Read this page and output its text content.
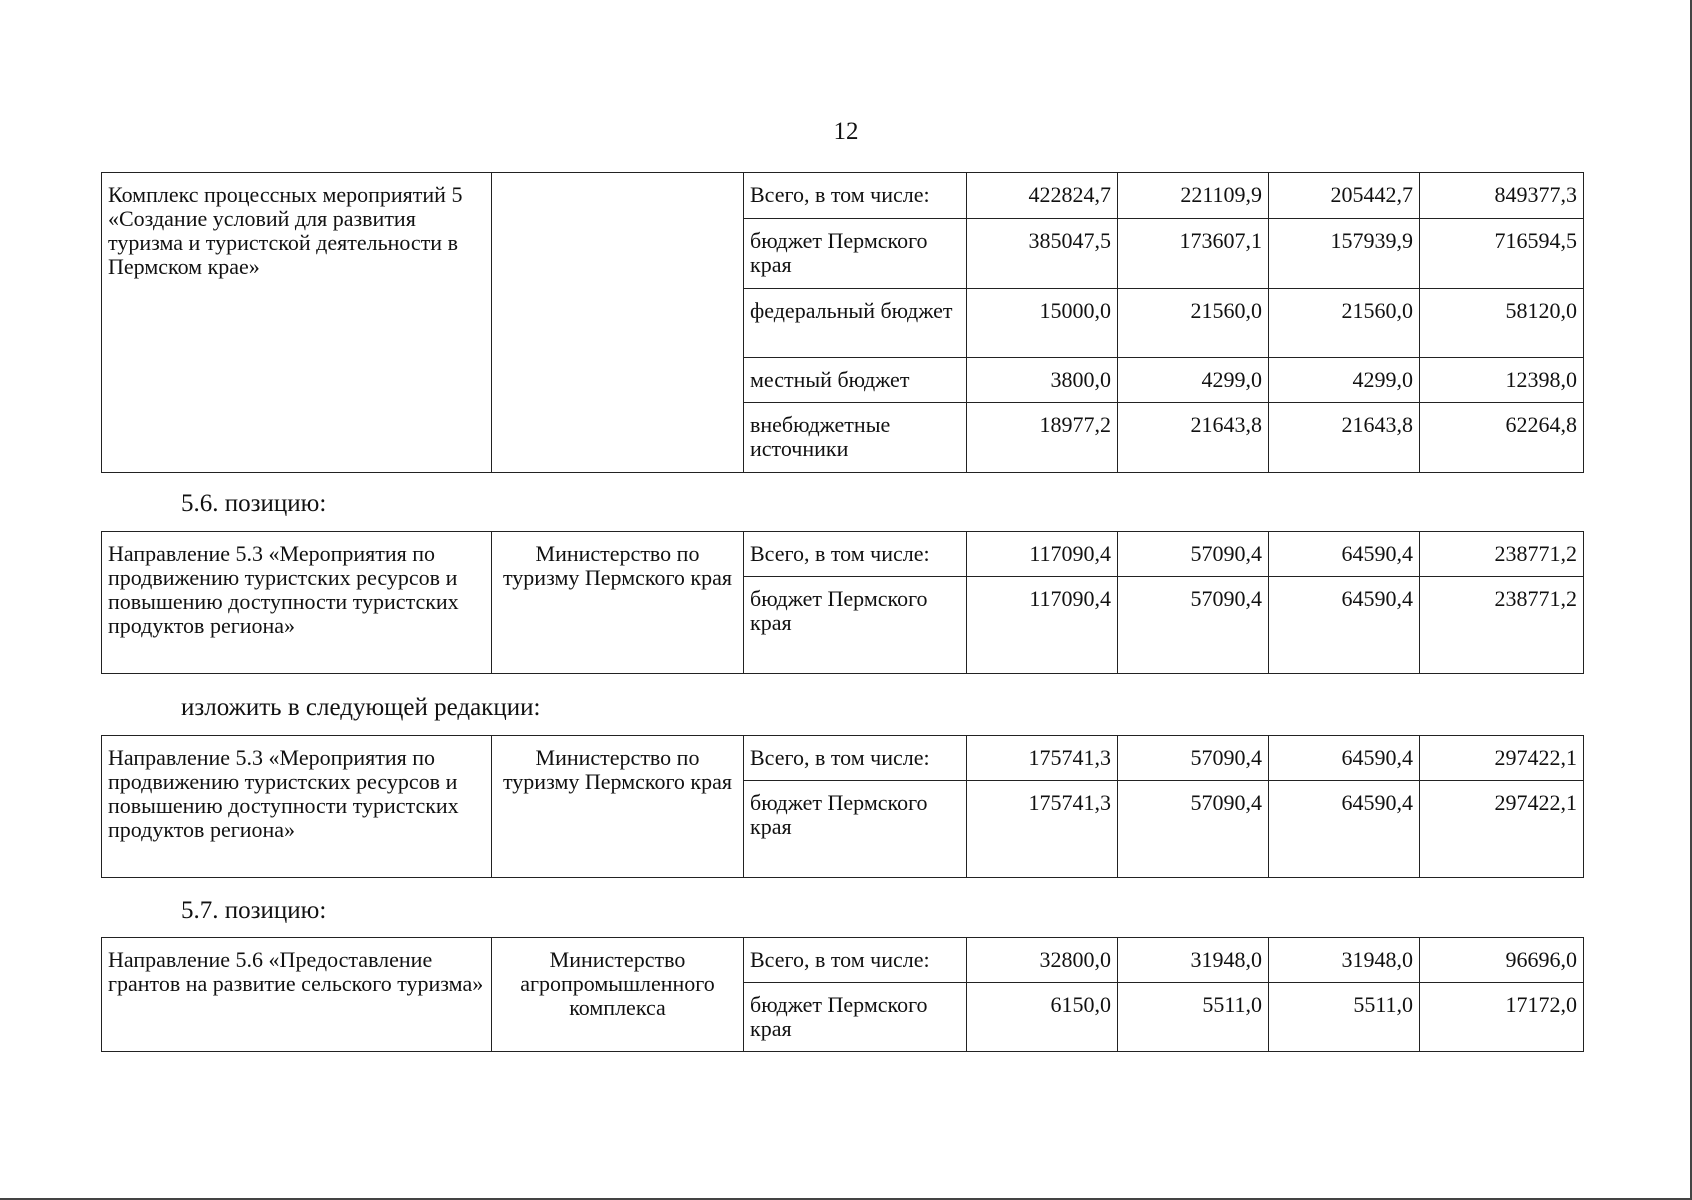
12
Комплекс процессных мероприятий 5 «Создание условий для развития туризма и туристской деятельности в Пермском крае»		Всего, в том числе:	422824,7	221109,9	205442,7	849377,3
		бюджет Пермского края	385047,5	173607,1	157939,9	716594,5
		федеральный бюджет	15000,0	21560,0	21560,0	58120,0
		местный бюджет	3800,0	4299,0	4299,0	12398,0
		внебюджетные источники	18977,2	21643,8	21643,8	62264,8
5.6. позицию:
Направление 5.3 «Мероприятия по продвижению туристских ресурсов и повышению доступности туристских продуктов региона»	Министерство по туризму Пермского края	Всего, в том числе:	117090,4	57090,4	64590,4	238771,2
		бюджет Пермского края	117090,4	57090,4	64590,4	238771,2
изложить в следующей редакции:
Направление 5.3 «Мероприятия по продвижению туристских ресурсов и повышению доступности туристских продуктов региона»	Министерство по туризму Пермского края	Всего, в том числе:	175741,3	57090,4	64590,4	297422,1
		бюджет Пермского края	175741,3	57090,4	64590,4	297422,1
5.7. позицию:
Направление 5.6 «Предоставление грантов на развитие сельского туризма»	Министерство агропромышленного комплекса	Всего, в том числе:	32800,0	31948,0	31948,0	96696,0
		бюджет Пермского края	6150,0	5511,0	5511,0	17172,0
